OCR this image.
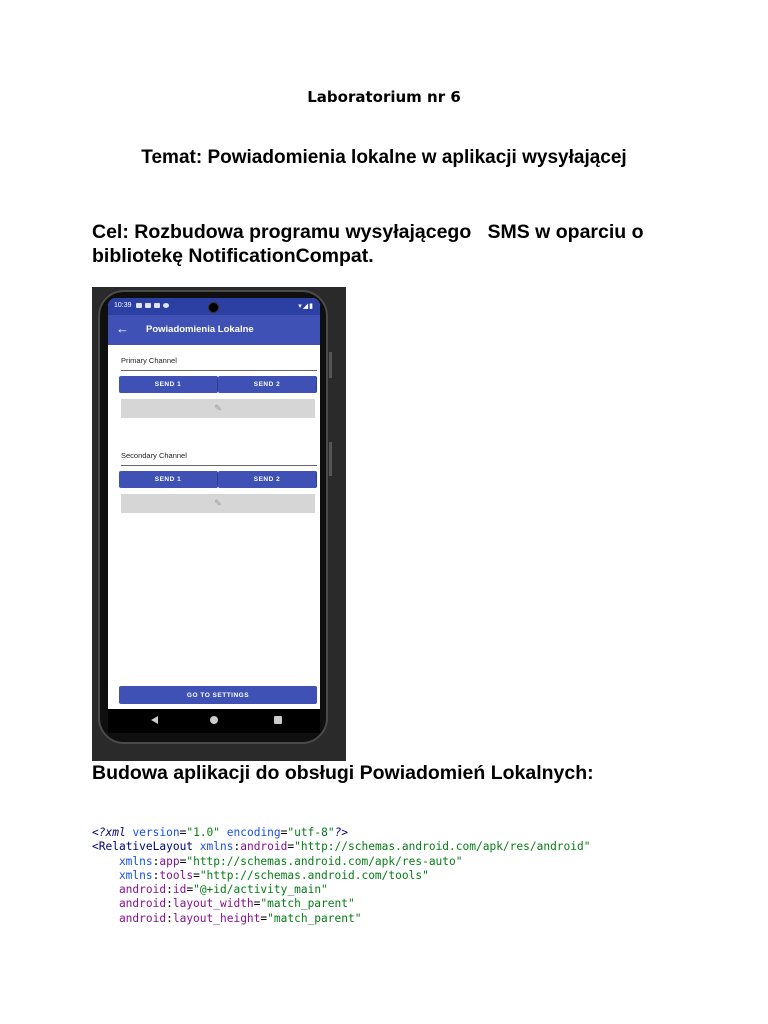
Laboratorium nr 6
Temat: Powiadomienia lokalne w aplikacji wysyłającej
Cel: Rozbudowa programu wysyłającego   SMS w oparciu o
bibliotekę NotificationCompat.
10:39	▾◢▮
← Powiadomienia Lokalne
Primary Channel
SEND 1	SEND 2
✎
Secondary Channel
SEND 1	SEND 2
✎
GO TO SETTINGS
Budowa aplikacji do obsługi Powiadomień Lokalnych:
<?xml version="1.0" encoding="utf-8"?>
<RelativeLayout xmlns:android="http://schemas.android.com/apk/res/android"
xmlns:app="http://schemas.android.com/apk/res-auto"
xmlns:tools="http://schemas.android.com/tools"
android:id="@+id/activity_main"
android:layout_width="match_parent"
android:layout_height="match_parent"
